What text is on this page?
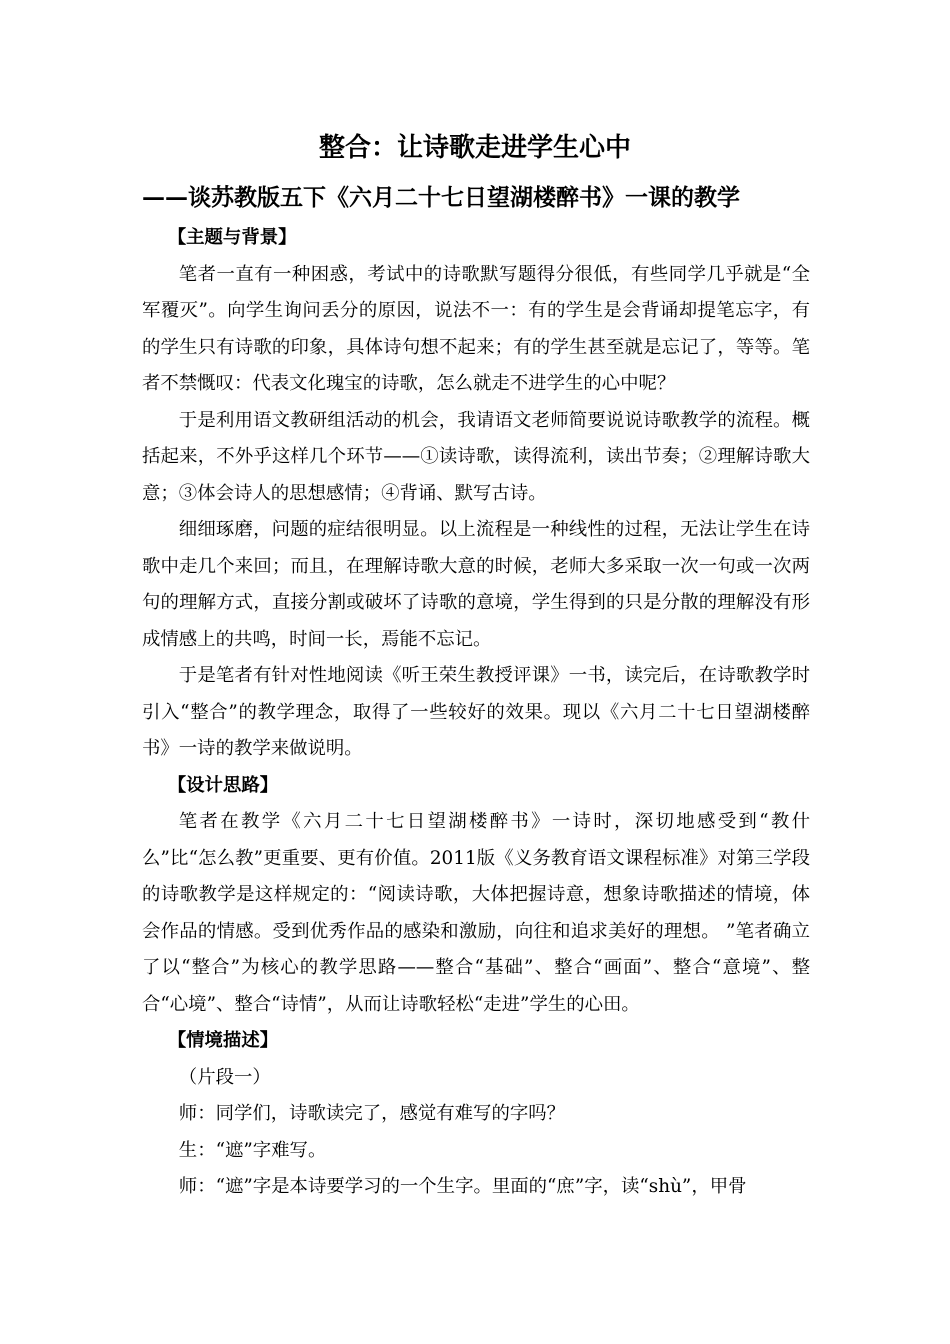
整合：让诗歌走进学生心中
——谈苏教版五下《六月二十七日望湖楼醉书》一课的教学

【主题与背景】

笔者一直有一种困惑，考试中的诗歌默写题得分很低，有些同学几乎就是“全军覆灭”。向学生询问丢分的原因，说法不一：有的学生是会背诵却提笔忘字，有的学生只有诗歌的印象，具体诗句想不起来；有的学生甚至就是忘记了，等等。笔者不禁慨叹：代表文化瑰宝的诗歌，怎么就走不进学生的心中呢？

于是利用语文教研组活动的机会，我请语文老师简要说说诗歌教学的流程。概括起来，不外乎这样几个环节——①读诗歌，读得流利，读出节奏；②理解诗歌大意；③体会诗人的思想感情；④背诵、默写古诗。

细细琢磨，问题的症结很明显。以上流程是一种线性的过程，无法让学生在诗歌中走几个来回；而且，在理解诗歌大意的时候，老师大多采取一次一句或一次两句的理解方式，直接分割或破坏了诗歌的意境，学生得到的只是分散的理解没有形成情感上的共鸣，时间一长，焉能不忘记。

于是笔者有针对性地阅读《听王荣生教授评课》一书，读完后，在诗歌教学时引入“整合”的教学理念，取得了一些较好的效果。现以《六月二十七日望湖楼醉书》一诗的教学来做说明。

【设计思路】

笔者在教学《六月二十七日望湖楼醉书》一诗时，深切地感受到“教什么”比“怎么教”更重要、更有价值。2011版《义务教育语文课程标准》对第三学段的诗歌教学是这样规定的：“阅读诗歌，大体把握诗意，想象诗歌描述的情境，体会作品的情感。受到优秀作品的感染和激励，向往和追求美好的理想。 ”笔者确立了以“整合”为核心的教学思路——整合“基础”、整合“画面”、整合“意境”、整合“心境”、整合“诗情”，从而让诗歌轻松“走进”学生的心田。

【情境描述】

（片段一）

师：同学们，诗歌读完了，感觉有难写的字吗？

生：“遮”字难写。

师：“遮”字是本诗要学习的一个生字。里面的“庶”字，读“shù”，甲骨
